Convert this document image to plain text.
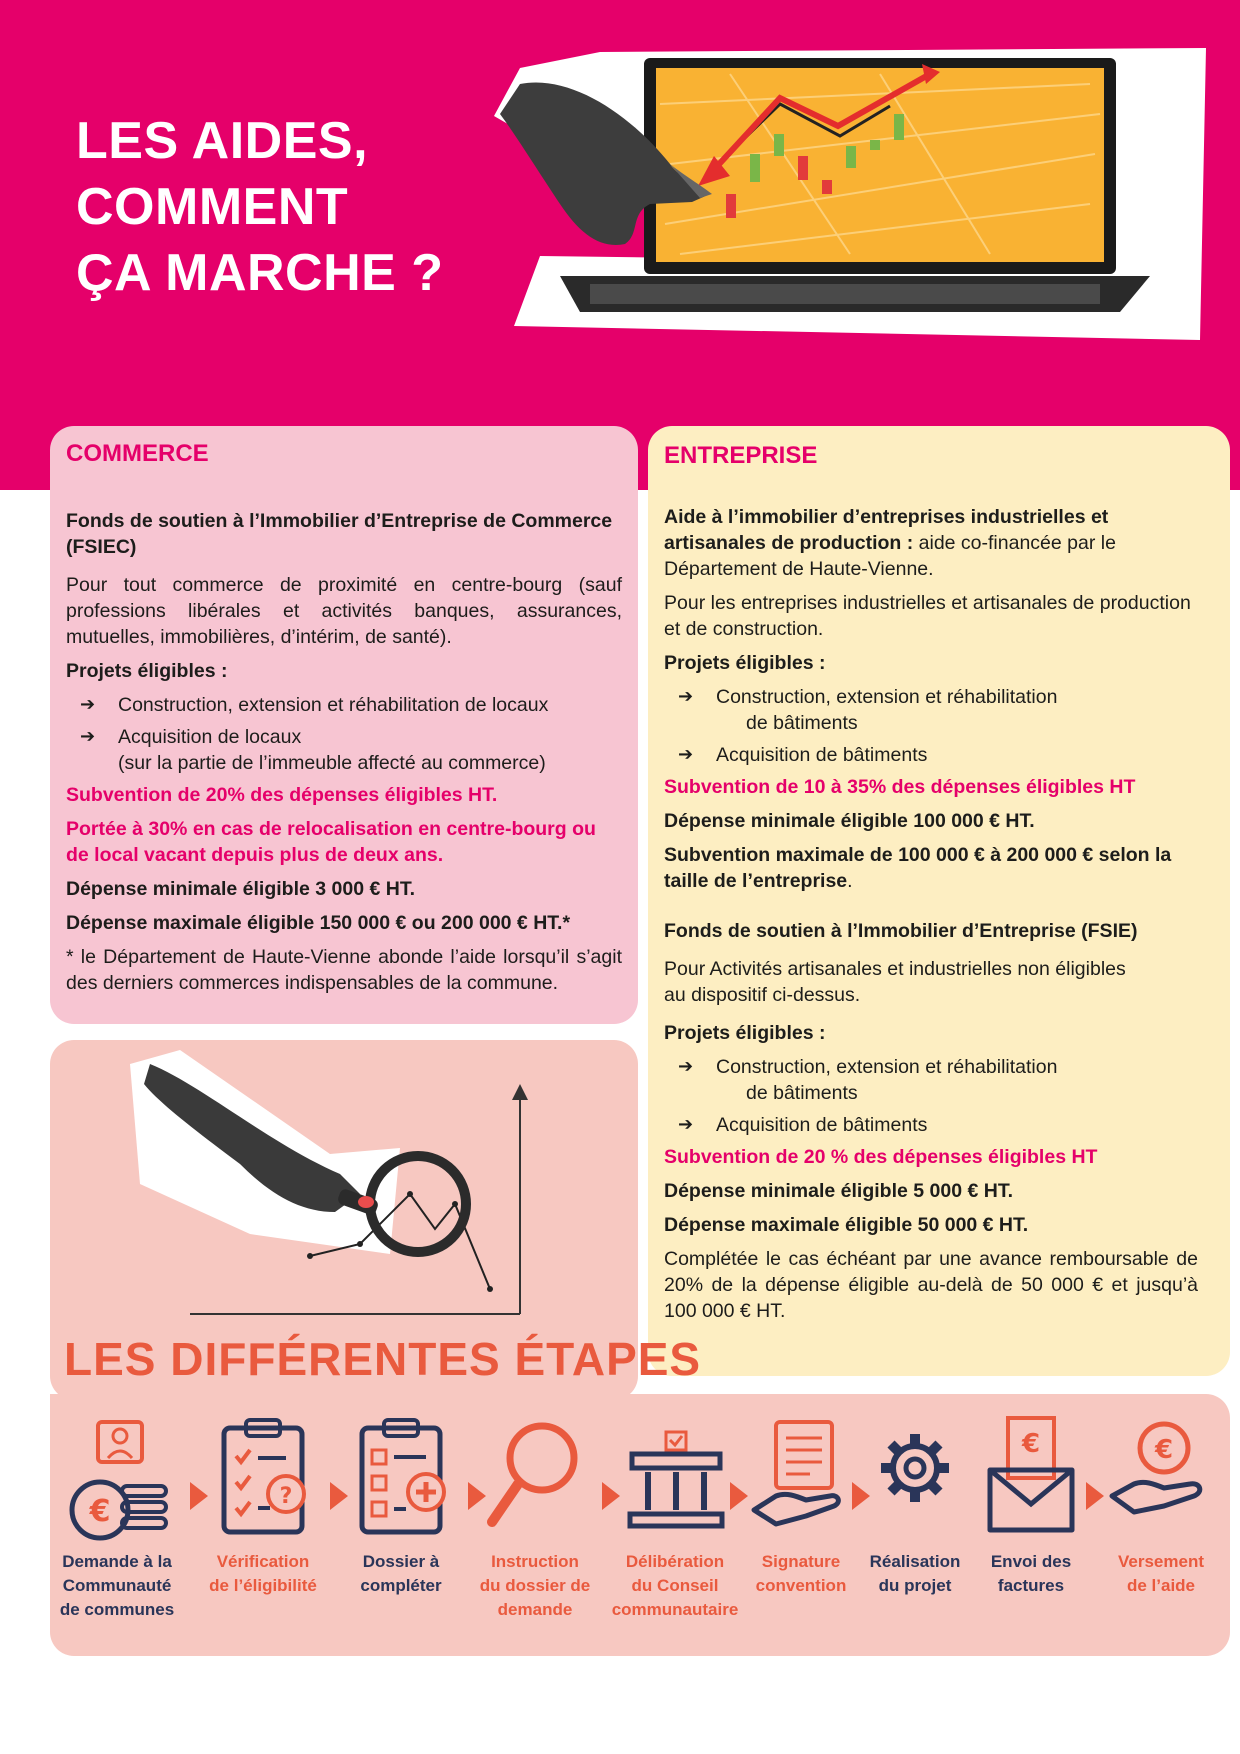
LES AIDES,
COMMENT
ÇA MARCHE ?
COMMERCE

Fonds de soutien à l’Immobilier d’Entreprise de Commerce (FSIEC)

Pour tout commerce de proximité en centre-bourg (sauf professions libérales et activités banques, assurances, mutuelles, immobilières, d’intérim, de santé).

Projets éligibles :

➔ Construction, extension et réhabilitation de locaux
➔ Acquisition de locaux
(sur la partie de l’immeuble affecté au commerce)

Subvention de 20% des dépenses éligibles HT.

Portée à 30% en cas de relocalisation en centre-bourg ou de local vacant depuis plus de deux ans.

Dépense minimale éligible 3 000 € HT.

Dépense maximale éligible 150 000 € ou 200 000 € HT.*

* le Département de Haute-Vienne abonde l’aide lorsqu’il s’agit des derniers commerces indispensables de la commune.

ENTREPRISE

Aide à l’immobilier d’entreprises industrielles et artisanales de production : aide co-financée par le Département de Haute-Vienne.

Pour les entreprises industrielles et artisanales de production et de construction.

Projets éligibles :

➔ Construction, extension et réhabilitation
de bâtiments
➔ Acquisition de bâtiments

Subvention de 10 à 35% des dépenses éligibles HT

Dépense minimale éligible 100 000 € HT.

Subvention maximale de 100 000 € à 200 000 € selon la taille de l’entreprise.

Fonds de soutien à l’Immobilier d’Entreprise (FSIE)

Pour Activités artisanales et industrielles non éligibles
au dispositif ci-dessus.

Projets éligibles :

➔ Construction, extension et réhabilitation
de bâtiments
➔ Acquisition de bâtiments

Subvention de 20 % des dépenses éligibles HT

Dépense minimale éligible 5 000 € HT.

Dépense maximale éligible 50 000 € HT.

Complétée le cas échéant par une avance remboursable de 20% de la dépense éligible au-delà de 50 000 € et jusqu’à 100 000 € HT.

LES DIFFÉRENTES ÉTAPES
€
Demande à la
Communauté
de communes
?
Vérification
de l’éligibilité
Dossier à
compléter
Instruction
du dossier de
demande
Délibération
du Conseil
communautaire
Signature
convention
Réalisation
du projet
€
Envoi des
factures
€
Versement
de l’aide
